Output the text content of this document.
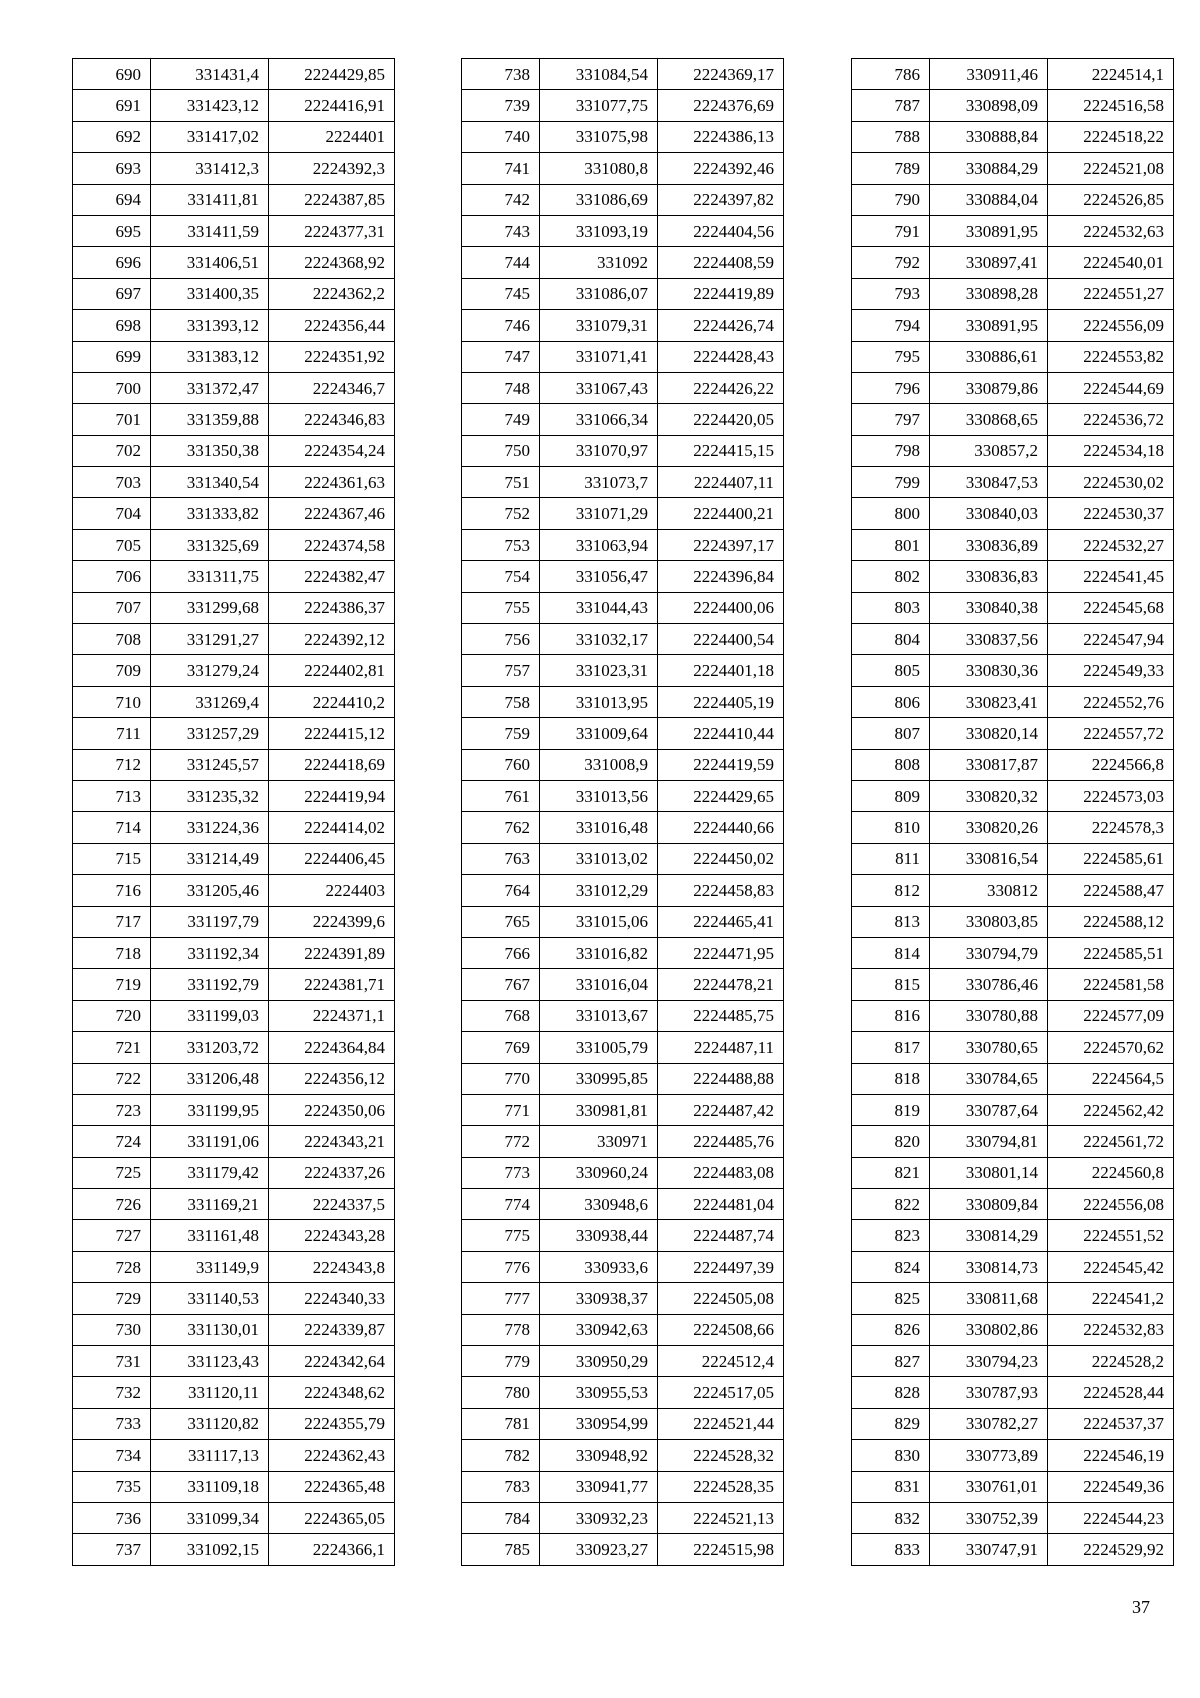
690	331431,4	2224429,85
691	331423,12	2224416,91
692	331417,02	2224401
693	331412,3	2224392,3
694	331411,81	2224387,85
695	331411,59	2224377,31
696	331406,51	2224368,92
697	331400,35	2224362,2
698	331393,12	2224356,44
699	331383,12	2224351,92
700	331372,47	2224346,7
701	331359,88	2224346,83
702	331350,38	2224354,24
703	331340,54	2224361,63
704	331333,82	2224367,46
705	331325,69	2224374,58
706	331311,75	2224382,47
707	331299,68	2224386,37
708	331291,27	2224392,12
709	331279,24	2224402,81
710	331269,4	2224410,2
711	331257,29	2224415,12
712	331245,57	2224418,69
713	331235,32	2224419,94
714	331224,36	2224414,02
715	331214,49	2224406,45
716	331205,46	2224403
717	331197,79	2224399,6
718	331192,34	2224391,89
719	331192,79	2224381,71
720	331199,03	2224371,1
721	331203,72	2224364,84
722	331206,48	2224356,12
723	331199,95	2224350,06
724	331191,06	2224343,21
725	331179,42	2224337,26
726	331169,21	2224337,5
727	331161,48	2224343,28
728	331149,9	2224343,8
729	331140,53	2224340,33
730	331130,01	2224339,87
731	331123,43	2224342,64
732	331120,11	2224348,62
733	331120,82	2224355,79
734	331117,13	2224362,43
735	331109,18	2224365,48
736	331099,34	2224365,05
737	331092,15	2224366,1
738	331084,54	2224369,17
739	331077,75	2224376,69
740	331075,98	2224386,13
741	331080,8	2224392,46
742	331086,69	2224397,82
743	331093,19	2224404,56
744	331092	2224408,59
745	331086,07	2224419,89
746	331079,31	2224426,74
747	331071,41	2224428,43
748	331067,43	2224426,22
749	331066,34	2224420,05
750	331070,97	2224415,15
751	331073,7	2224407,11
752	331071,29	2224400,21
753	331063,94	2224397,17
754	331056,47	2224396,84
755	331044,43	2224400,06
756	331032,17	2224400,54
757	331023,31	2224401,18
758	331013,95	2224405,19
759	331009,64	2224410,44
760	331008,9	2224419,59
761	331013,56	2224429,65
762	331016,48	2224440,66
763	331013,02	2224450,02
764	331012,29	2224458,83
765	331015,06	2224465,41
766	331016,82	2224471,95
767	331016,04	2224478,21
768	331013,67	2224485,75
769	331005,79	2224487,11
770	330995,85	2224488,88
771	330981,81	2224487,42
772	330971	2224485,76
773	330960,24	2224483,08
774	330948,6	2224481,04
775	330938,44	2224487,74
776	330933,6	2224497,39
777	330938,37	2224505,08
778	330942,63	2224508,66
779	330950,29	2224512,4
780	330955,53	2224517,05
781	330954,99	2224521,44
782	330948,92	2224528,32
783	330941,77	2224528,35
784	330932,23	2224521,13
785	330923,27	2224515,98
786	330911,46	2224514,1
787	330898,09	2224516,58
788	330888,84	2224518,22
789	330884,29	2224521,08
790	330884,04	2224526,85
791	330891,95	2224532,63
792	330897,41	2224540,01
793	330898,28	2224551,27
794	330891,95	2224556,09
795	330886,61	2224553,82
796	330879,86	2224544,69
797	330868,65	2224536,72
798	330857,2	2224534,18
799	330847,53	2224530,02
800	330840,03	2224530,37
801	330836,89	2224532,27
802	330836,83	2224541,45
803	330840,38	2224545,68
804	330837,56	2224547,94
805	330830,36	2224549,33
806	330823,41	2224552,76
807	330820,14	2224557,72
808	330817,87	2224566,8
809	330820,32	2224573,03
810	330820,26	2224578,3
811	330816,54	2224585,61
812	330812	2224588,47
813	330803,85	2224588,12
814	330794,79	2224585,51
815	330786,46	2224581,58
816	330780,88	2224577,09
817	330780,65	2224570,62
818	330784,65	2224564,5
819	330787,64	2224562,42
820	330794,81	2224561,72
821	330801,14	2224560,8
822	330809,84	2224556,08
823	330814,29	2224551,52
824	330814,73	2224545,42
825	330811,68	2224541,2
826	330802,86	2224532,83
827	330794,23	2224528,2
828	330787,93	2224528,44
829	330782,27	2224537,37
830	330773,89	2224546,19
831	330761,01	2224549,36
832	330752,39	2224544,23
833	330747,91	2224529,92
37
